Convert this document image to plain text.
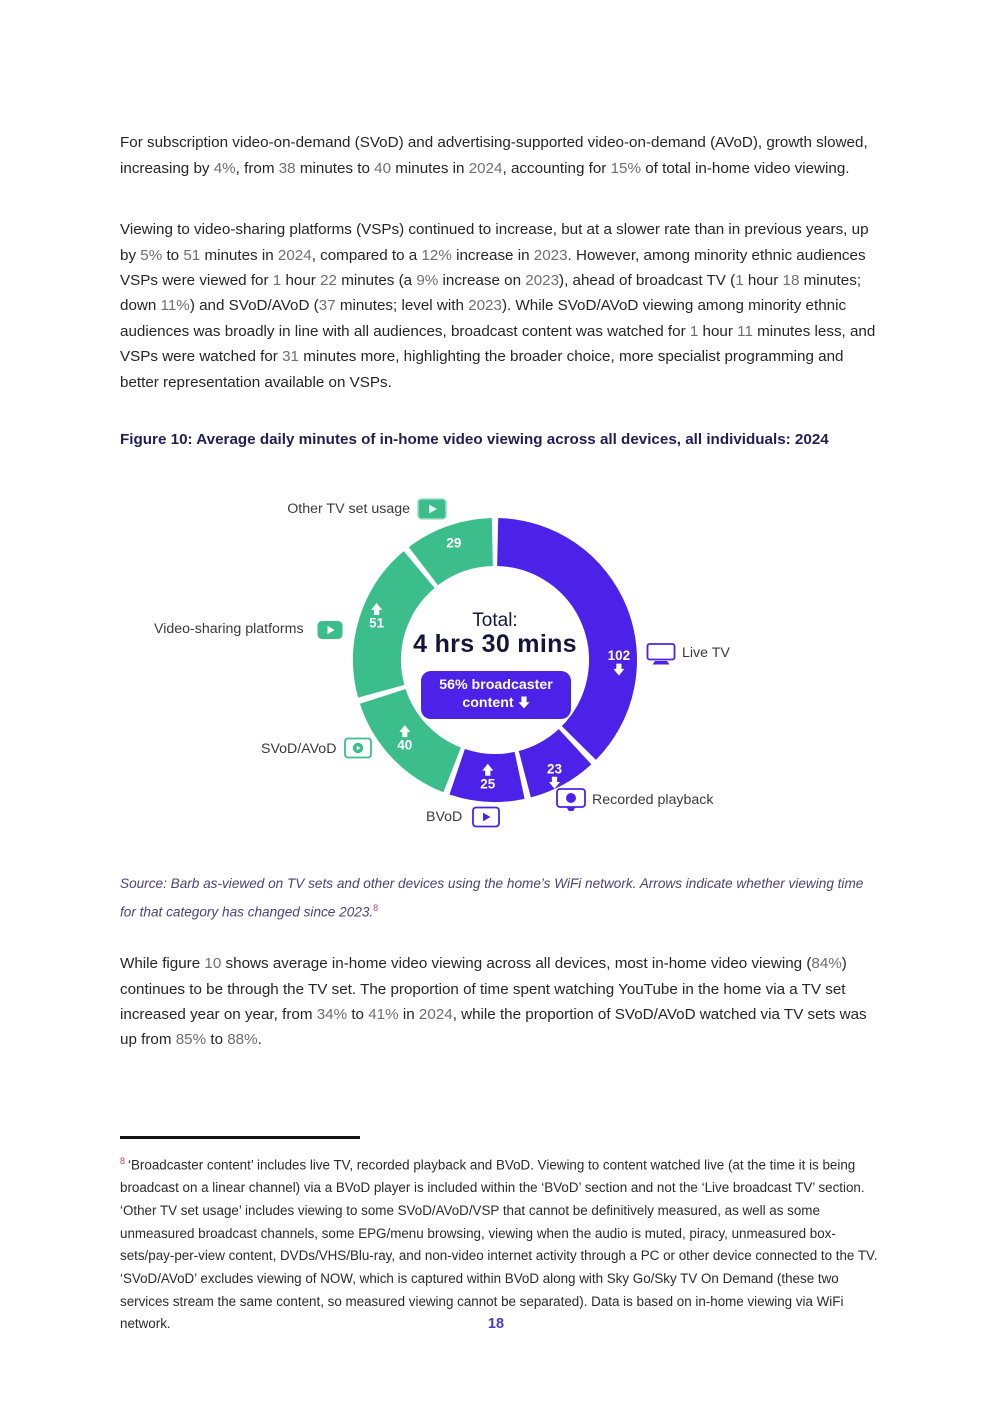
For subscription video-on-demand (SVoD) and advertising-supported video-on-demand (AVoD), growth slowed, increasing by 4%, from 38 minutes to 40 minutes in 2024, accounting for 15% of total in-home video viewing.

Viewing to video-sharing platforms (VSPs) continued to increase, but at a slower rate than in previous years, up by 5% to 51 minutes in 2024, compared to a 12% increase in 2023. However, among minority ethnic audiences VSPs were viewed for 1 hour 22 minutes (a 9% increase on 2023), ahead of broadcast TV (1 hour 18 minutes; down 11%) and SVoD/AVoD (37 minutes; level with 2023). While SVoD/AVoD viewing among minority ethnic audiences was broadly in line with all audiences, broadcast content was watched for 1 hour 11 minutes less, and VSPs were watched for 31 minutes more, highlighting the broader choice, more specialist programming and better representation available on VSPs.

Figure 10: Average daily minutes of in-home video viewing across all devices, all individuals: 2024
102
23
25
40
51
29
Total:
4 hrs 30 mins
56% broadcaster content
Other TV set usage
Video-sharing platforms
SVoD/AVoD
BVoD
Recorded playback
Live TV
Source: Barb as-viewed on TV sets and other devices using the home’s WiFi network. Arrows indicate whether viewing time for that category has changed since 2023.$^8$

While figure 10 shows average in-home video viewing across all devices, most in-home video viewing (84%) continues to be through the TV set. The proportion of time spent watching YouTube in the home via a TV set increased year on year, from 34% to 41% in 2024, while the proportion of SVoD/AVoD watched via TV sets was up from 85% to 88%.

$^8$ ‘Broadcaster content’ includes live TV, recorded playback and BVoD. Viewing to content watched live (at the time it is being broadcast on a linear channel) via a BVoD player is included within the ‘BVoD’ section and not the ‘Live broadcast TV’ section. ‘Other TV set usage’ includes viewing to some SVoD/AVoD/VSP that cannot be definitively measured, as well as some unmeasured broadcast channels, some EPG/menu browsing, viewing when the audio is muted, piracy, unmeasured box-sets/pay-per-view content, DVDs/VHS/Blu-ray, and non-video internet activity through a PC or other device connected to the TV. ‘SVoD/AVoD’ excludes viewing of NOW, which is captured within BVoD along with Sky Go/Sky TV On Demand (these two services stream the same content, so measured viewing cannot be separated). Data is based on in-home viewing via WiFi network.	18
